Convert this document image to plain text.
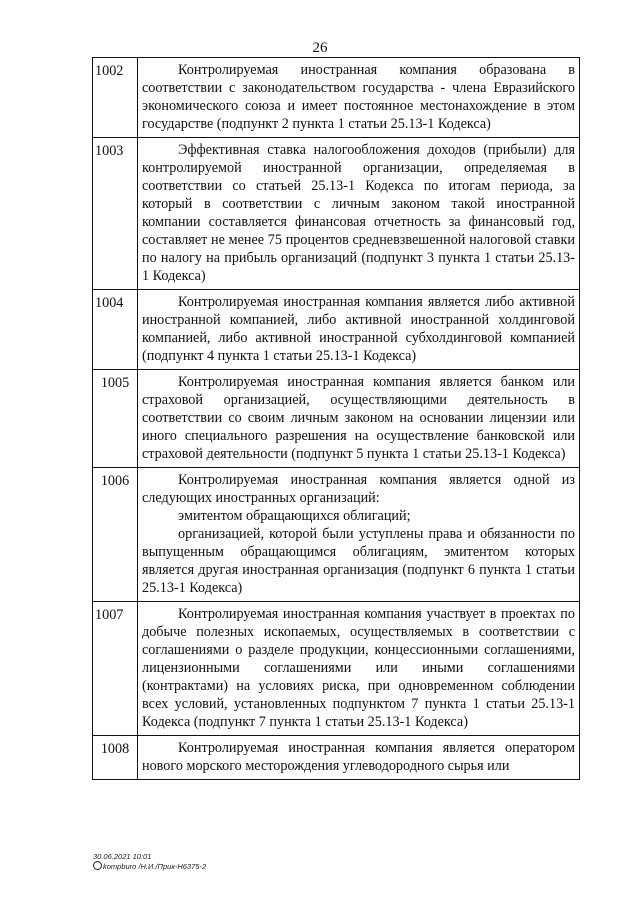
26
1002	Контролируемая иностранная компания образована в соответствии с законодательством государства - члена Евразийского экономического союза и имеет постоянное местонахождение в этом государстве (подпункт 2 пункта 1 статьи 25.13-1 Кодекса)

1003	Эффективная ставка налогообложения доходов (прибыли) для контролируемой иностранной организации, определяемая в соответствии со статьей 25.13-1 Кодекса по итогам периода, за который в соответствии с личным законом такой иностранной компании составляется финансовая отчетность за финансовый год, составляет не менее 75 процентов средневзвешенной налоговой ставки по налогу на прибыль организаций (подпункт 3 пункта 1 статьи 25.13-1 Кодекса)

1004	Контролируемая иностранная компания является либо активной иностранной компанией, либо активной иностранной холдинговой компанией, либо активной иностранной субхолдинговой компанией (подпункт 4 пункта 1 статьи 25.13-1 Кодекса)

1005	Контролируемая иностранная компания является банком или страховой организацией, осуществляющими деятельность в соответствии со своим личным законом на основании лицензии или иного специального разрешения на осуществление банковской или страховой деятельности (подпункт 5 пункта 1 статьи 25.13-1 Кодекса)

1006	Контролируемая иностранная компания является одной из следующих иностранных организаций:

эмитентом обращающихся облигаций;

организацией, которой были уступлены права и обязанности по выпущенным обращающимся облигациям, эмитентом которых является другая иностранная организация (подпункт 6 пункта 1 статьи 25.13-1 Кодекса)

1007	Контролируемая иностранная компания участвует в проектах по добыче полезных ископаемых, осуществляемых в соответствии с соглашениями о разделе продукции, концессионными соглашениями, лицензионными соглашениями или иными соглашениями (контрактами) на условиях риска, при одновременном соблюдении всех условий, установленных подпунктом 7 пункта 1 статьи 25.13-1 Кодекса (подпункт 7 пункта 1 статьи 25.13-1 Кодекса)

1008	Контролируемая иностранная компания является оператором нового морского месторождения углеводородного сырья или

30.06.2021 10:01
kompburo /Н.И./Прик-Н6375-2
